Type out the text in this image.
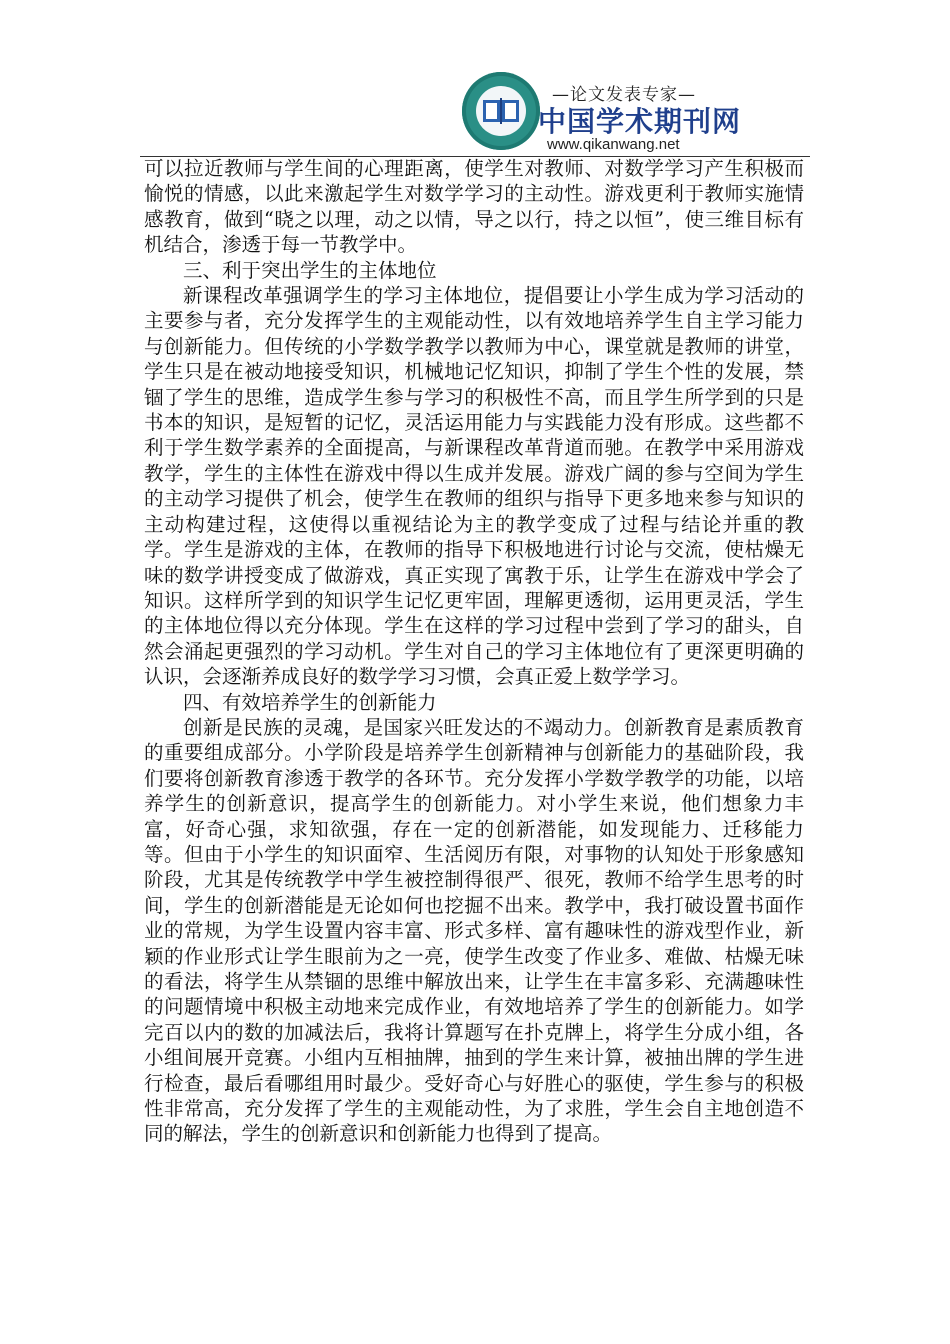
—论文发表专家—
中国学术期刊网
www.qikanwang.net

可以拉近教师与学生间的心理距离，使学生对教师、对数学学习产生积极而愉悦的情感，以此来激起学生对数学学习的主动性。游戏更利于教师实施情感教育，做到“晓之以理，动之以情，导之以行，持之以恒”，使三维目标有机结合，渗透于每一节教学中。

三、利于突出学生的主体地位

新课程改革强调学生的学习主体地位，提倡要让小学生成为学习活动的主要参与者，充分发挥学生的主观能动性，以有效地培养学生自主学习能力与创新能力。但传统的小学数学教学以教师为中心，课堂就是教师的讲堂，学生只是在被动地接受知识，机械地记忆知识，抑制了学生个性的发展，禁锢了学生的思维，造成学生参与学习的积极性不高，而且学生所学到的只是书本的知识，是短暂的记忆，灵活运用能力与实践能力没有形成。这些都不利于学生数学素养的全面提高，与新课程改革背道而驰。在教学中采用游戏教学，学生的主体性在游戏中得以生成并发展。游戏广阔的参与空间为学生的主动学习提供了机会，使学生在教师的组织与指导下更多地来参与知识的主动构建过程，这使得以重视结论为主的教学变成了过程与结论并重的教学。学生是游戏的主体，在教师的指导下积极地进行讨论与交流，使枯燥无味的数学讲授变成了做游戏，真正实现了寓教于乐，让学生在游戏中学会了知识。这样所学到的知识学生记忆更牢固，理解更透彻，运用更灵活，学生的主体地位得以充分体现。学生在这样的学习过程中尝到了学习的甜头，自然会涌起更强烈的学习动机。学生对自己的学习主体地位有了更深更明确的认识，会逐渐养成良好的数学学习习惯，会真正爱上数学学习。

四、有效培养学生的创新能力

创新是民族的灵魂，是国家兴旺发达的不竭动力。创新教育是素质教育的重要组成部分。小学阶段是培养学生创新精神与创新能力的基础阶段，我们要将创新教育渗透于教学的各环节。充分发挥小学数学教学的功能，以培养学生的创新意识，提高学生的创新能力。对小学生来说，他们想象力丰富，好奇心强，求知欲强，存在一定的创新潜能，如发现能力、迁移能力等。但由于小学生的知识面窄、生活阅历有限，对事物的认知处于形象感知阶段，尤其是传统教学中学生被控制得很严、很死，教师不给学生思考的时间，学生的创新潜能是无论如何也挖掘不出来。教学中，我打破设置书面作业的常规，为学生设置内容丰富、形式多样、富有趣味性的游戏型作业，新颖的作业形式让学生眼前为之一亮，使学生改变了作业多、难做、枯燥无味的看法，将学生从禁锢的思维中解放出来，让学生在丰富多彩、充满趣味性的问题情境中积极主动地来完成作业，有效地培养了学生的创新能力。如学完百以内的数的加减法后，我将计算题写在扑克牌上，将学生分成小组，各小组间展开竞赛。小组内互相抽牌，抽到的学生来计算，被抽出牌的学生进行检查，最后看哪组用时最少。受好奇心与好胜心的驱使，学生参与的积极性非常高，充分发挥了学生的主观能动性，为了求胜，学生会自主地创造不同的解法，学生的创新意识和创新能力也得到了提高。
